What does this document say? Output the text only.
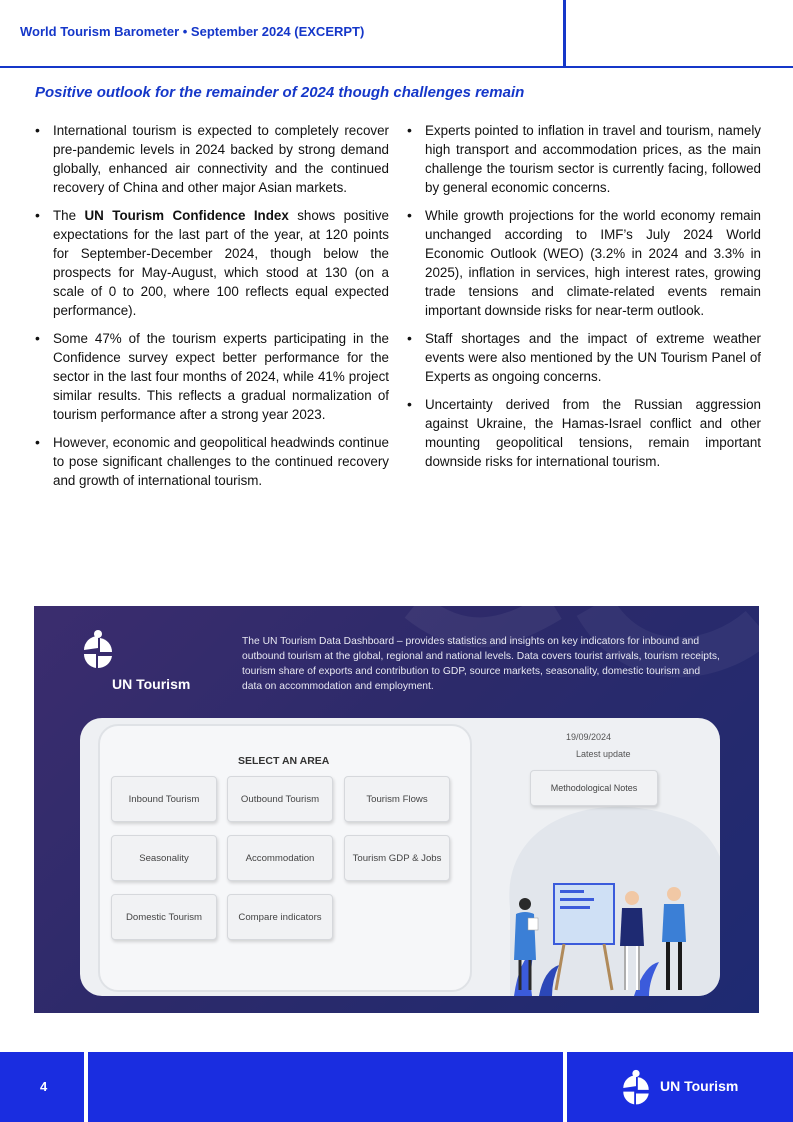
World Tourism Barometer • September 2024 (EXCERPT)
Positive outlook for the remainder of 2024 though challenges remain
• International tourism is expected to completely recover pre-pandemic levels in 2024 backed by strong demand globally, enhanced air connectivity and the continued recovery of China and other major Asian markets.
• The UN Tourism Confidence Index shows positive expectations for the last part of the year, at 120 points for September-December 2024, though below the prospects for May-August, which stood at 130 (on a scale of 0 to 200, where 100 reflects equal expected performance).
• Some 47% of the tourism experts participating in the Confidence survey expect better performance for the sector in the last four months of 2024, while 41% project similar results. This reflects a gradual normalization of tourism performance after a strong year 2023.
• However, economic and geopolitical headwinds continue to pose significant challenges to the continued recovery and growth of international tourism.
• Experts pointed to inflation in travel and tourism, namely high transport and accommodation prices, as the main challenge the tourism sector is currently facing, followed by general economic concerns.
• While growth projections for the world economy remain unchanged according to IMF’s July 2024 World Economic Outlook (WEO) (3.2% in 2024 and 3.3% in 2025), inflation in services, high interest rates, growing trade tensions and climate-related events remain important downside risks for near-term outlook.
• Staff shortages and the impact of extreme weather events were also mentioned by the UN Tourism Panel of Experts as ongoing concerns.
• Uncertainty derived from the Russian aggression against Ukraine, the Hamas-Israel conflict and other mounting geopolitical tensions, remain important downside risks for international tourism.
UN Tourism
The UN Tourism Data Dashboard – provides statistics and insights on key indicators for inbound and outbound tourism at the global, regional and national levels. Data covers tourist arrivals, tourism receipts, tourism share of exports and contribution to GDP, source markets, seasonality, domestic tourism and data on accommodation and employment.
SELECT AN AREA
Inbound Tourism	Outbound Tourism	Tourism Flows
Seasonality	Accommodation	Tourism GDP & Jobs
Domestic Tourism	Compare indicators
19/09/2024
Latest update
Methodological Notes
4	UN Tourism
